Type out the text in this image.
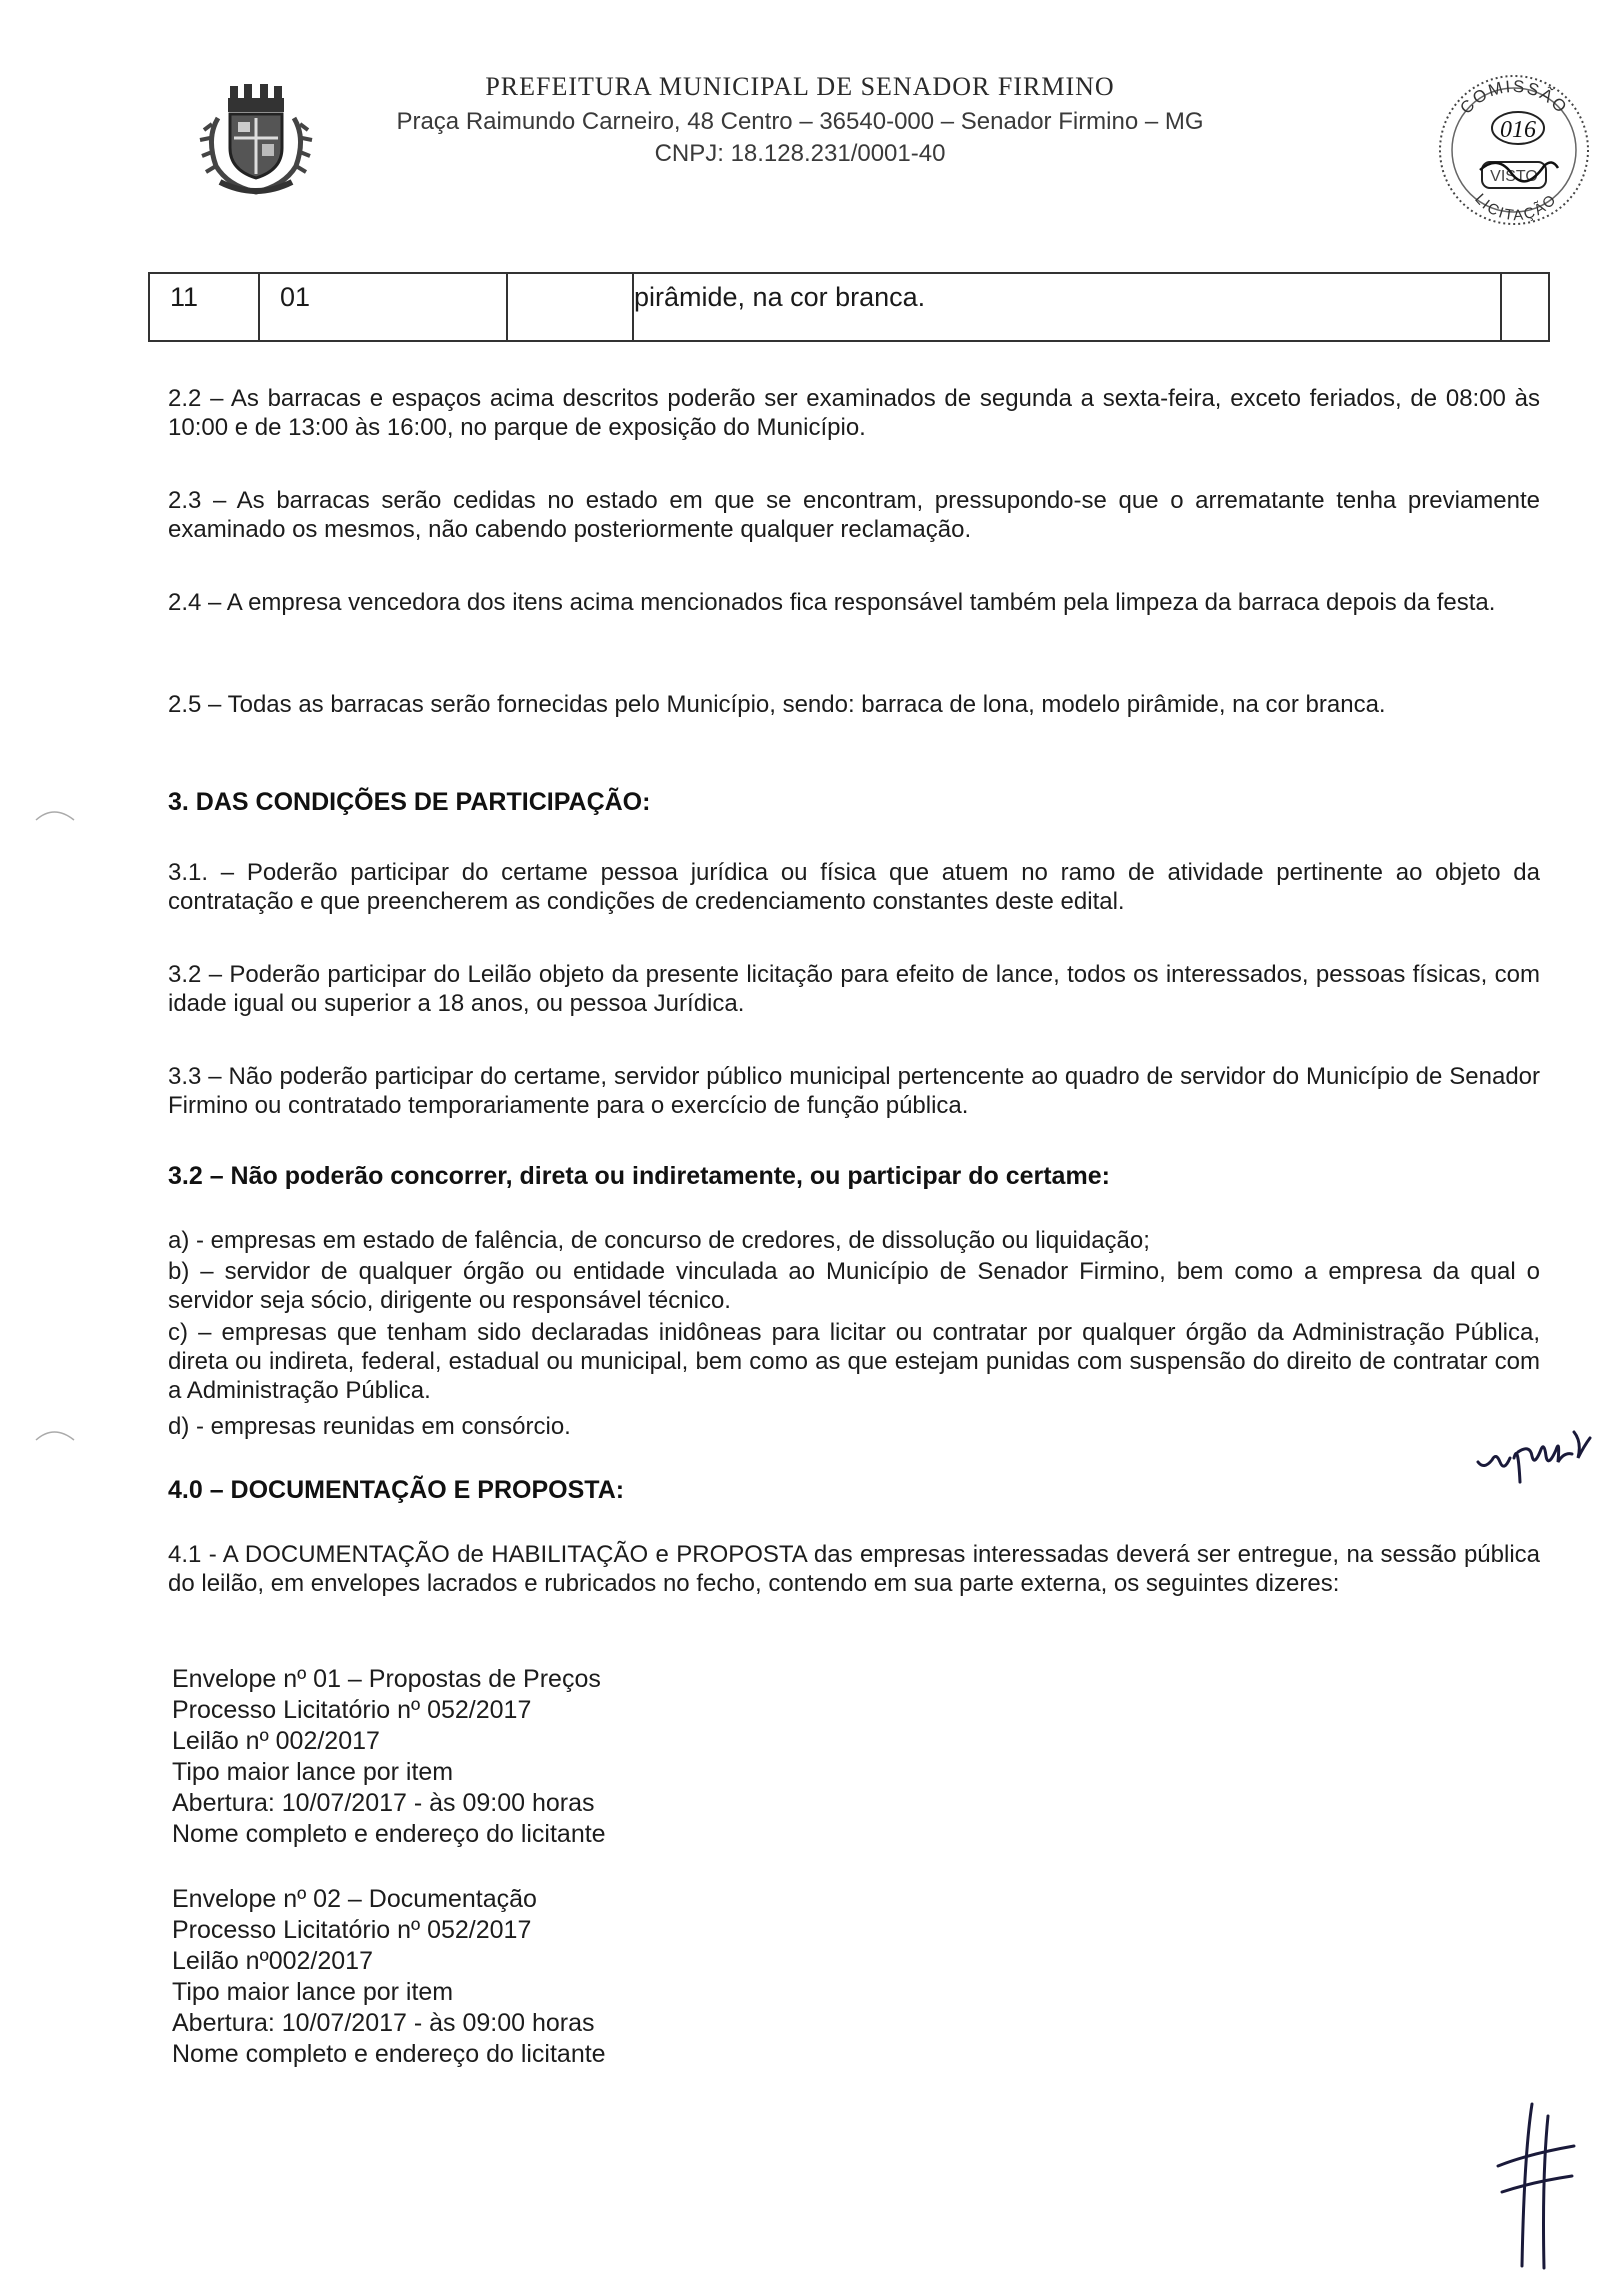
PREFEITURA MUNICIPAL DE SENADOR FIRMINO
Praça Raimundo Carneiro, 48 Centro – 36540-000 – Senador Firmino – MG
CNPJ: 18.128.231/0001-40
COMISSÃO
016
VISTO
LICITAÇÃO
11	01	pirâmide, na cor branca.
2.2 – As barracas e espaços acima descritos poderão ser examinados de segunda a sexta-feira, exceto feriados, de 08:00 às 10:00 e de 13:00 às 16:00, no parque de exposição do Município.
2.3 – As barracas serão cedidas no estado em que se encontram, pressupondo-se que o arrematante tenha previamente examinado os mesmos, não cabendo posteriormente qualquer reclamação.
2.4 – A empresa vencedora dos itens acima mencionados fica responsável também pela limpeza da barraca depois da festa.
2.5 – Todas as barracas serão fornecidas pelo Município, sendo: barraca de lona, modelo pirâmide, na cor branca.
3. DAS CONDIÇÕES DE PARTICIPAÇÃO:
3.1. – Poderão participar do certame pessoa jurídica ou física que atuem no ramo de atividade pertinente ao objeto da contratação e que preencherem as condições de credenciamento constantes deste edital.
3.2 – Poderão participar do Leilão objeto da presente licitação para efeito de lance, todos os interessados, pessoas físicas, com idade igual ou superior a 18 anos, ou pessoa Jurídica.
3.3 – Não poderão participar do certame, servidor público municipal pertencente ao quadro de servidor do Município de Senador Firmino ou contratado temporariamente para o exercício de função pública.
3.2 – Não poderão concorrer, direta ou indiretamente, ou participar do certame:
a) - empresas em estado de falência, de concurso de credores, de dissolução ou liquidação;
b) – servidor de qualquer órgão ou entidade vinculada ao Município de Senador Firmino, bem como a empresa da qual o servidor seja sócio, dirigente ou responsável técnico.
c) – empresas que tenham sido declaradas inidôneas para licitar ou contratar por qualquer órgão da Administração Pública, direta ou indireta, federal, estadual ou municipal, bem como as que estejam punidas com suspensão do direito de contratar com a Administração Pública.
d) - empresas reunidas em consórcio.
4.0 – DOCUMENTAÇÃO E PROPOSTA:
4.1 - A DOCUMENTAÇÃO de HABILITAÇÃO e PROPOSTA das empresas interessadas deverá ser entregue, na sessão pública do leilão, em envelopes lacrados e rubricados no fecho, contendo em sua parte externa, os seguintes dizeres:
Envelope nº 01 – Propostas de Preços
Processo Licitatório nº 052/2017
Leilão nº 002/2017
Tipo maior lance por item
Abertura: 10/07/2017 - às 09:00 horas
Nome completo e endereço do licitante
Envelope nº 02 – Documentação
Processo Licitatório nº 052/2017
Leilão nº002/2017
Tipo maior lance por item
Abertura: 10/07/2017 - às 09:00 horas
Nome completo e endereço do licitante
